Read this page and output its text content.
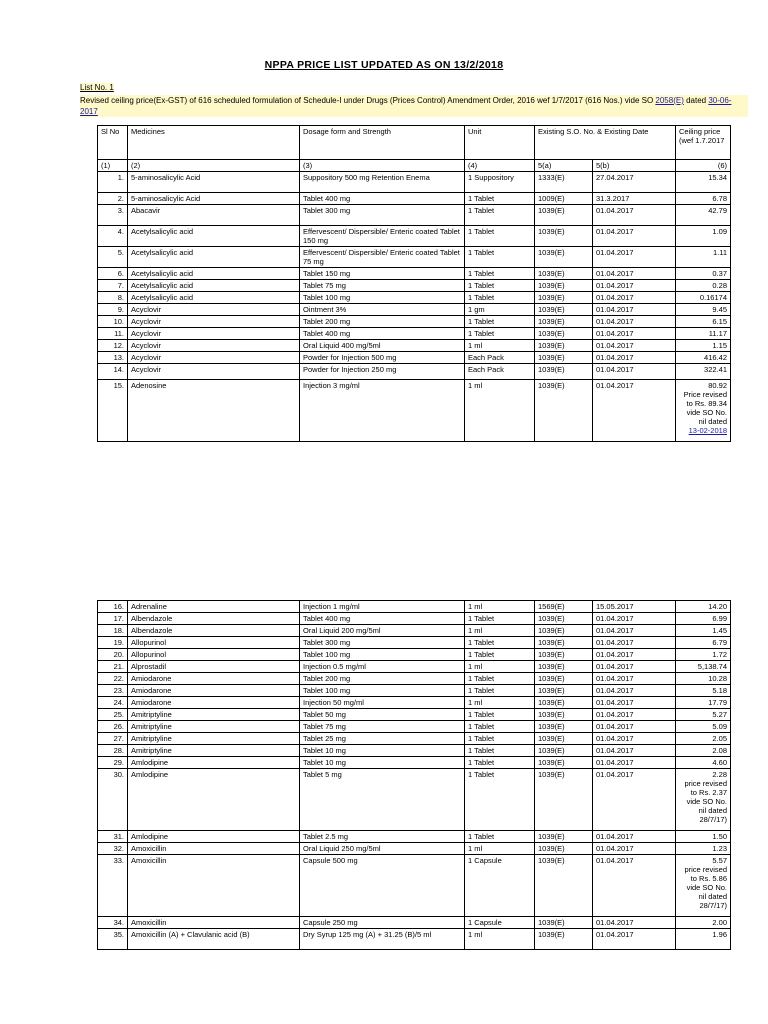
NPPA PRICE LIST UPDATED AS ON 13/2/2018
List No. 1
Revised ceiling price(Ex-GST) of 616 scheduled formulation of Schedule-I under Drugs (Prices Control) Amendment Order, 2016 wef 1/7/2017 (616 Nos.) vide SO 2058(E) dated 30-06-2017
Sl No	Medicines	Dosage form and Strength	Unit	Existing S.O. No. & Existing Date		Ceiling price (wef 1.7.2017
(1)	(2)	(3)	(4)	5(a)	5(b)	(6)
1.	5-aminosalicylic Acid	Suppository 500 mg Retention Enema	1 Suppository	1333(E)	27.04.2017	15.34
2.	5-aminosalicylic Acid	Tablet 400 mg	1 Tablet	1009(E)	31.3.2017	6.78
3.	Abacavir	Tablet 300 mg	1 Tablet	1039(E)	01.04.2017	42.79
4.	Acetylsalicylic acid	Effervescent/ Dispersible/ Enteric coated Tablet 150 mg	1 Tablet	1039(E)	01.04.2017	1.09
5.	Acetylsalicylic acid	Effervescent/ Dispersible/ Enteric coated Tablet 75 mg	1 Tablet	1039(E)	01.04.2017	1.11
6.	Acetylsalicylic acid	Tablet 150 mg	1 Tablet	1039(E)	01.04.2017	0.37
7.	Acetylsalicylic acid	Tablet 75 mg	1 Tablet	1039(E)	01.04.2017	0.28
8.	Acetylsalicylic acid	Tablet 100 mg	1 Tablet	1039(E)	01.04.2017	0.16174
9.	Acyclovir	Ointment 3%	1 gm	1039(E)	01.04.2017	9.45
10.	Acyclovir	Tablet 200 mg	1 Tablet	1039(E)	01.04.2017	6.15
11.	Acyclovir	Tablet 400 mg	1 Tablet	1039(E)	01.04.2017	11.17
12.	Acyclovir	Oral Liquid 400 mg/5ml	1 ml	1039(E)	01.04.2017	1.15
13.	Acyclovir	Powder for Injection 500 mg	Each Pack	1039(E)	01.04.2017	416.42
14.	Acyclovir	Powder for Injection 250 mg	Each Pack	1039(E)	01.04.2017	322.41
15.	Adenosine	Injection 3 mg/ml	1 ml	1039(E)	01.04.2017	80.92
Price revised to Rs. 89.34 vide SO No. nil dated
13-02-2018
16.	Adrenaline	Injection 1 mg/ml	1 ml	1569(E)	15.05.2017	14.20
17.	Albendazole	Tablet 400 mg	1 Tablet	1039(E)	01.04.2017	6.99
18.	Albendazole	Oral Liquid 200 mg/5ml	1 ml	1039(E)	01.04.2017	1.45
19.	Allopurinol	Tablet 300 mg	1 Tablet	1039(E)	01.04.2017	6.79
20.	Allopurinol	Tablet 100 mg	1 Tablet	1039(E)	01.04.2017	1.72
21.	Alprostadil	Injection 0.5 mg/ml	1 ml	1039(E)	01.04.2017	5,138.74
22.	Amiodarone	Tablet 200 mg	1 Tablet	1039(E)	01.04.2017	10.28
23.	Amiodarone	Tablet 100 mg	1 Tablet	1039(E)	01.04.2017	5.18
24.	Amiodarone	Injection 50 mg/ml	1 ml	1039(E)	01.04.2017	17.79
25.	Amitriptyline	Tablet 50 mg	1 Tablet	1039(E)	01.04.2017	5.27
26.	Amitriptyline	Tablet 75 mg	1 Tablet	1039(E)	01.04.2017	5.09
27.	Amitriptyline	Tablet 25 mg	1 Tablet	1039(E)	01.04.2017	2.05
28.	Amitriptyline	Tablet 10 mg	1 Tablet	1039(E)	01.04.2017	2.08
29.	Amlodipine	Tablet 10 mg	1 Tablet	1039(E)	01.04.2017	4.60
30.	Amlodipine	Tablet 5 mg	1 Tablet	1039(E)	01.04.2017	2.28
price revised to Rs. 2.37 vide SO No. nil dated 28/7/17)

31.	Amlodipine	Tablet 2.5 mg	1 Tablet	1039(E)	01.04.2017	1.50
32.	Amoxicillin	Oral Liquid 250 mg/5ml	1 ml	1039(E)	01.04.2017	1.23
33.	Amoxicillin	Capsule 500 mg	1 Capsule	1039(E)	01.04.2017	5.57
price revised to Rs. 5.86 vide SO No. nil dated 28/7/17)

34.	Amoxicillin	Capsule 250 mg	1 Capsule	1039(E)	01.04.2017	2.00
35.	Amoxicillin (A) + Clavulanic acid (B)	Dry Syrup 125 mg (A) + 31.25 (B)/5 ml	1 ml	1039(E)	01.04.2017	1.96
